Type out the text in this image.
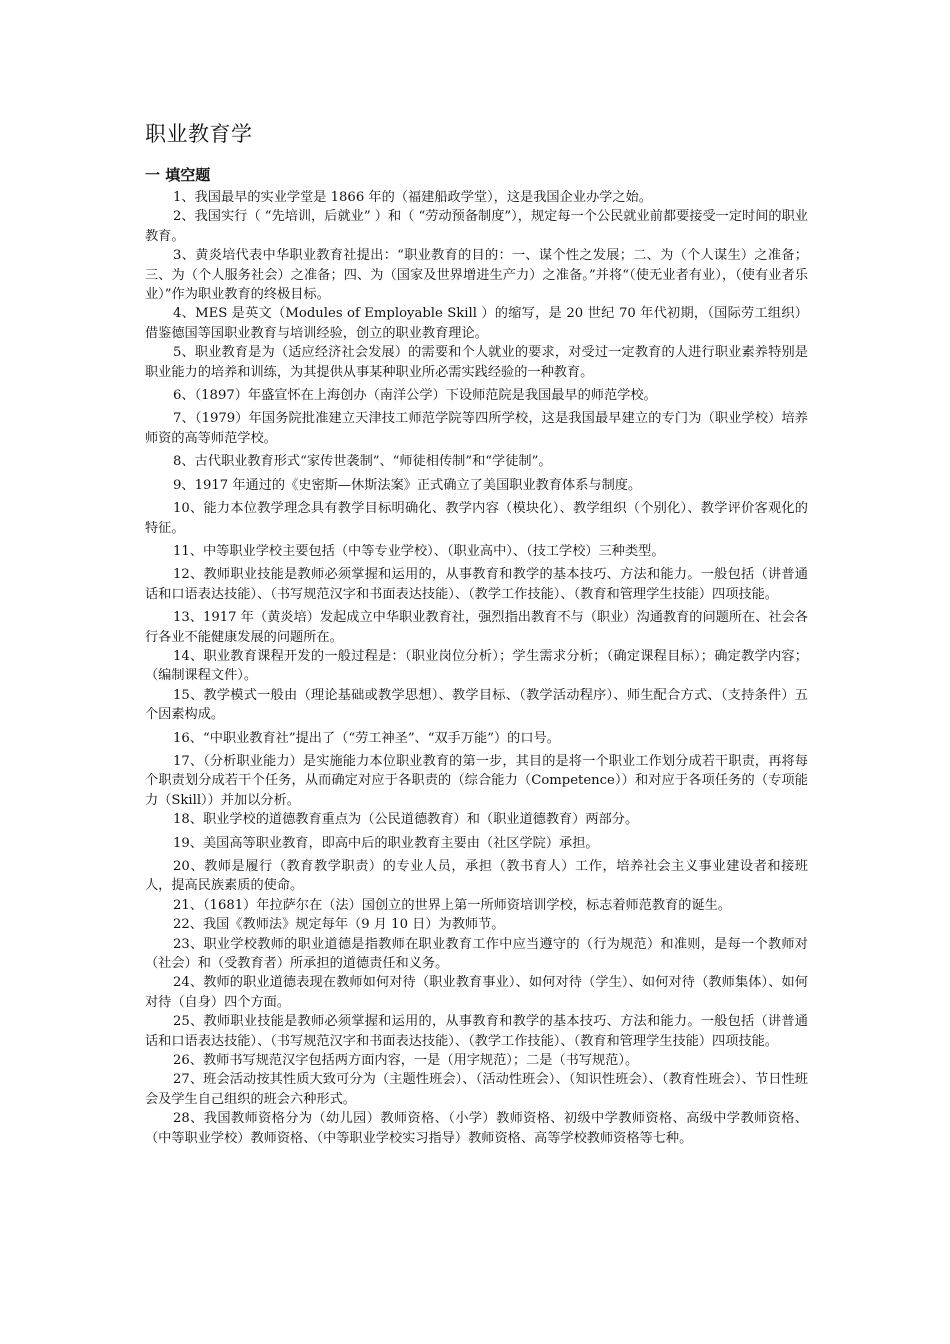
职业教育学
一 填空题

1、我国最早的实业学堂是 1866 年的（福建船政学堂），这是我国企业办学之始。

2、我国实行（ “先培训，后就业” ）和（ “劳动预备制度”），规定每一个公民就业前都要接受一定时间的职业教育。

3、黄炎培代表中华职业教育社提出：“职业教育的目的：一、谋个性之发展；二、为（个人谋生）之准备；三、为（个人服务社会）之准备；四、为（国家及世界增进生产力）之准备。”并将“（使无业者有业），（使有业者乐业）”作为职业教育的终极目标。

4、MES 是英文（Modules of Employable Skill ）的缩写，是 20 世纪 70 年代初期，（国际劳工组织）借鉴德国等国职业教育与培训经验，创立的职业教育理论。

5、职业教育是为（适应经济社会发展）的需要和个人就业的要求，对受过一定教育的人进行职业素养特别是职业能力的培养和训练，为其提供从事某种职业所必需实践经验的一种教育。

6、（1897）年盛宣怀在上海创办（南洋公学）下设师范院是我国最早的师范学校。

7、（1979）年国务院批准建立天津技工师范学院等四所学校，这是我国最早建立的专门为（职业学校）培养师资的高等师范学校。

8、古代职业教育形式“家传世袭制”、“师徒相传制”和“学徒制”。

9、1917 年通过的《史密斯—休斯法案》正式确立了美国职业教育体系与制度。

10、能力本位教学理念具有教学目标明确化、教学内容（模块化）、教学组织（个别化）、教学评价客观化的特征。

11、中等职业学校主要包括（中等专业学校）、（职业高中）、（技工学校）三种类型。

12、教师职业技能是教师必须掌握和运用的，从事教育和教学的基本技巧、方法和能力。一般包括（讲普通话和口语表达技能）、（书写规范汉字和书面表达技能）、（教学工作技能）、（教育和管理学生技能）四项技能。

13、1917 年（黄炎培）发起成立中华职业教育社，强烈指出教育不与（职业）沟通教育的问题所在、社会各行各业不能健康发展的问题所在。

14、职业教育课程开发的一般过程是：（职业岗位分析）；学生需求分析；（确定课程目标）；确定教学内容；（编制课程文件）。

15、教学模式一般由（理论基础或教学思想）、教学目标、（教学活动程序）、师生配合方式、（支持条件）五个因素构成。

16、“中职业教育社”提出了（“劳工神圣”、“双手万能”）的口号。

17、（分析职业能力）是实施能力本位职业教育的第一步，其目的是将一个职业工作划分成若干职责，再将每个职责划分成若干个任务，从而确定对应于各职责的（综合能力（Competence））和对应于各项任务的（专项能力（Skill））并加以分析。

18、职业学校的道德教育重点为（公民道德教育）和（职业道德教育）两部分。

19、美国高等职业教育，即高中后的职业教育主要由（社区学院）承担。

20、教师是履行（教育教学职责）的专业人员，承担（教书育人）工作，培养社会主义事业建设者和接班人，提高民族素质的使命。

21、（1681）年拉萨尔在（法）国创立的世界上第一所师资培训学校，标志着师范教育的诞生。

22、我国《教师法》规定每年（9 月 10 日）为教师节。

23、职业学校教师的职业道德是指教师在职业教育工作中应当遵守的（行为规范）和准则，是每一个教师对（社会）和（受教育者）所承担的道德责任和义务。

24、教师的职业道德表现在教师如何对待（职业教育事业）、如何对待（学生）、如何对待（教师集体）、如何对待（自身）四个方面。

25、教师职业技能是教师必须掌握和运用的，从事教育和教学的基本技巧、方法和能力。一般包括（讲普通话和口语表达技能）、（书写规范汉字和书面表达技能）、（教学工作技能）、（教育和管理学生技能）四项技能。

26、教师书写规范汉字包括两方面内容，一是（用字规范）；二是（书写规范）。

27、班会活动按其性质大致可分为（主题性班会）、（活动性班会）、（知识性班会）、（教育性班会）、节日性班会及学生自己组织的班会六种形式。

28、我国教师资格分为（幼儿园）教师资格、（小学）教师资格、初级中学教师资格、高级中学教师资格、（中等职业学校）教师资格、（中等职业学校实习指导）教师资格、高等学校教师资格等七种。
